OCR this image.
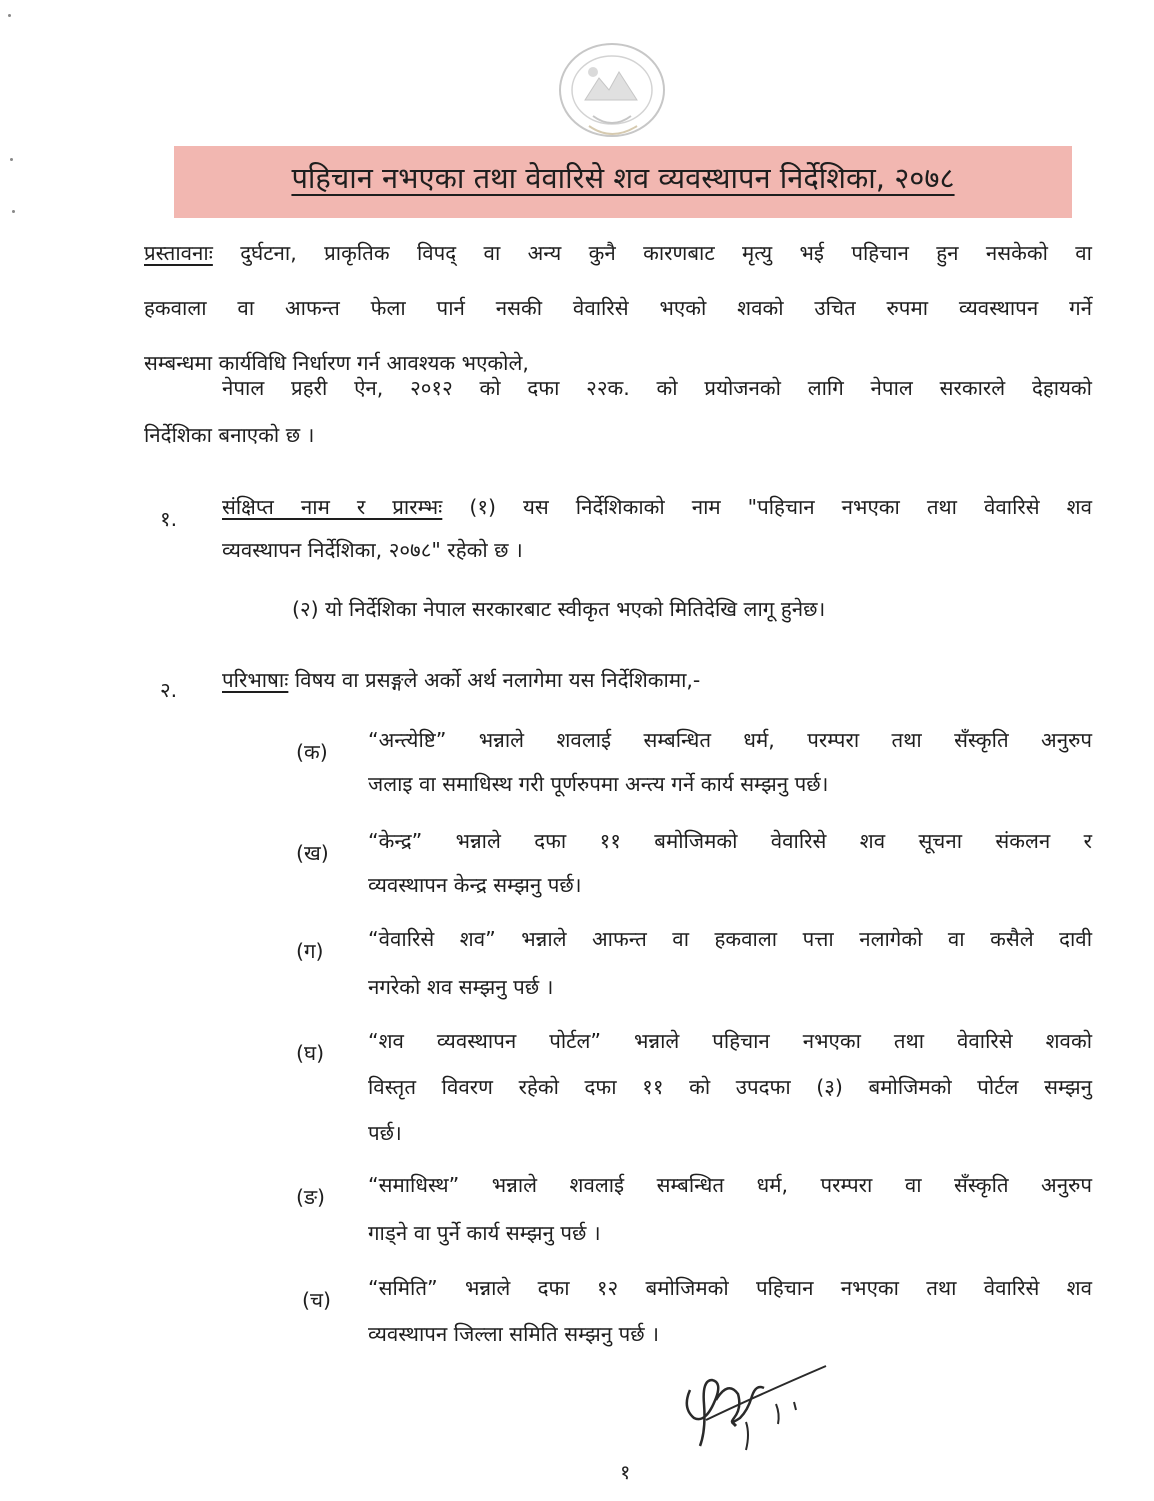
पहिचान नभएका तथा वेवारिसे शव व्यवस्थापन निर्देशिका, २०७८
प्रस्तावना दुर्घटना, प्राकृतिक विपद् वा अन्य कुनै कारणबाट मृत्यु भई पहिचान हुन नसकेको वा
हकवाला वा आफन्त फेला पार्न नसकी वेवारिसे भएको शवको उचित रुपमा व्यवस्थापन गर्ने
सम्बन्धमा कार्यविधि निर्धारण गर्न आवश्यक भएकोले,
नेपाल प्रहरी ऐन, २०१२ को दफा २२क. को प्रयोजनको लागि नेपाल सरकारले देहायको
निर्देशिका बनाएको छ ।
१. संक्षिप्त नाम र प्रारम्भः (१) यस निर्देशिकाको नाम "पहिचान नभएका तथा वेवारिसे शव
व्यवस्थापन निर्देशिका, २०७८" रहेको छ ।
(२) यो निर्देशिका नेपाल सरकारबाट स्वीकृत भएको मितिदेखि लागू हुनेछ।
२. परिभाषाः विषय वा प्रसङ्गले अर्को अर्थ नलागेमा यस निर्देशिकामा,-
(क) “अन्त्येष्टि” भन्नाले शवलाई सम्बन्धित धर्म, परम्परा तथा सँस्कृति अनुरुप
जलाइ वा समाधिस्थ गरी पूर्णरुपमा अन्त्य गर्ने कार्य सम्झनु पर्छ।
(ख) “केन्द्र” भन्नाले दफा ११ बमोजिमको वेवारिसे शव सूचना संकलन र
व्यवस्थापन केन्द्र सम्झनु पर्छ।
(ग) “वेवारिसे शव” भन्नाले आफन्त वा हकवाला पत्ता नलागेको वा कसैले दावी
नगरेको शव सम्झनु पर्छ ।
(घ) “शव व्यवस्थापन पोर्टल” भन्नाले पहिचान नभएका तथा वेवारिसे शवको
विस्तृत विवरण रहेको दफा ११ को उपदफा (३) बमोजिमको पोर्टल सम्झनु
पर्छ।
(ङ) “समाधिस्थ” भन्नाले शवलाई सम्बन्धित धर्म, परम्परा वा सँस्कृति अनुरुप
गाड्ने वा पुर्ने कार्य सम्झनु पर्छ ।
(च) “समिति” भन्नाले दफा १२ बमोजिमको पहिचान नभएका तथा वेवारिसे शव
व्यवस्थापन जिल्ला समिति सम्झनु पर्छ ।
१
